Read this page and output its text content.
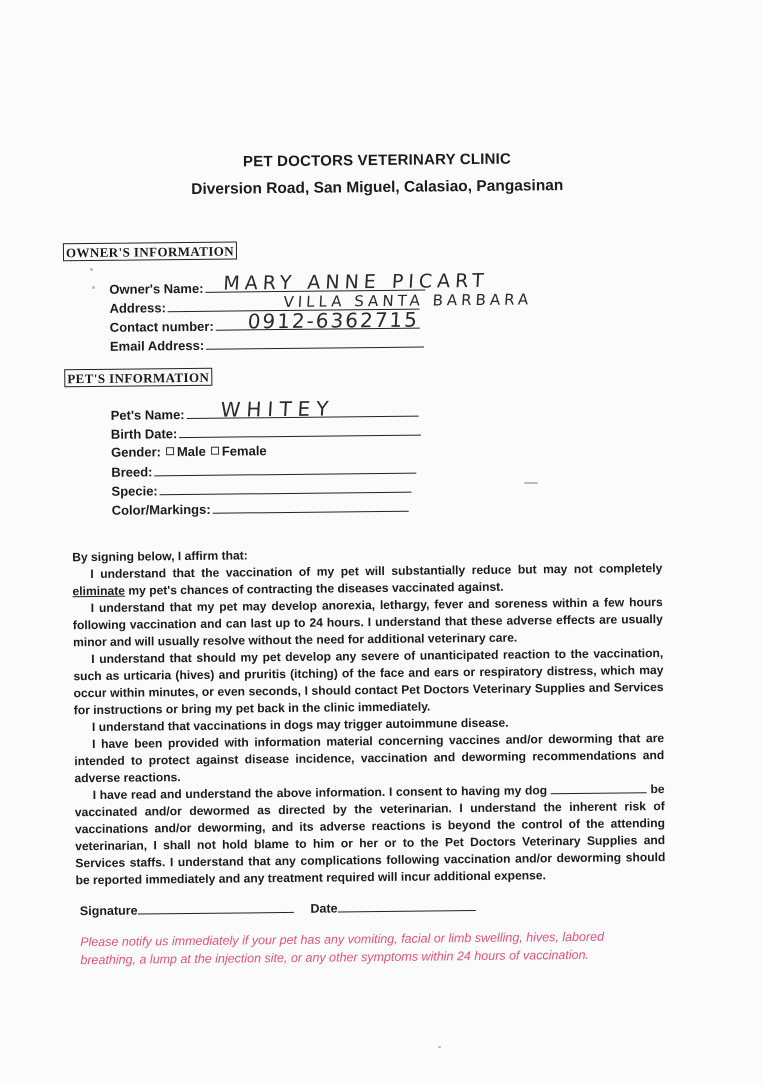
PET DOCTORS VETERINARY CLINIC
Diversion Road, San Miguel, Calasiao, Pangasinan
OWNER'S INFORMATION
Owner's Name: MARY ANNE PICART
Address:	VILLA SANTA BARBARA
Contact number: 0912-6362715
Email Address:
PET'S INFORMATION
Pet's Name: WHITEY
Birth Date:
Gender: Male Female
Breed:
Specie:
Color/Markings:

By signing below, I affirm that:

I understand that the vaccination of my pet will substantially reduce but may not completely eliminate my pet's chances of contracting the diseases vaccinated against.

I understand that my pet may develop anorexia, lethargy, fever and soreness within a few hours following vaccination and can last up to 24 hours. I understand that these adverse effects are usually minor and will usually resolve without the need for additional veterinary care.

I understand that should my pet develop any severe of unanticipated reaction to the vaccination, such as urticaria (hives) and pruritis (itching) of the face and ears or respiratory distress, which may occur within minutes, or even seconds, I should contact Pet Doctors Veterinary Supplies and Services for instructions or bring my pet back in the clinic immediately.

I understand that vaccinations in dogs may trigger autoimmune disease.

I have been provided with information material concerning vaccines and/or deworming that are intended to protect against disease incidence, vaccination and deworming recommendations and adverse reactions.

I have read and understand the above information. I consent to having my dog	be vaccinated and/or dewormed as directed by the veterinarian. I understand the inherent risk of vaccinations and/or deworming, and its adverse reactions is beyond the control of the attending veterinarian, I shall not hold blame to him or her or to the Pet Doctors Veterinary Supplies and Services staffs. I understand that any complications following vaccination and/or deworming should be reported immediately and any treatment required will incur additional expense.

Signature	Date
Please notify us immediately if your pet has any vomiting, facial or limb swelling, hives, labored breathing, a lump at the injection site, or any other symptoms within 24 hours of vaccination.
